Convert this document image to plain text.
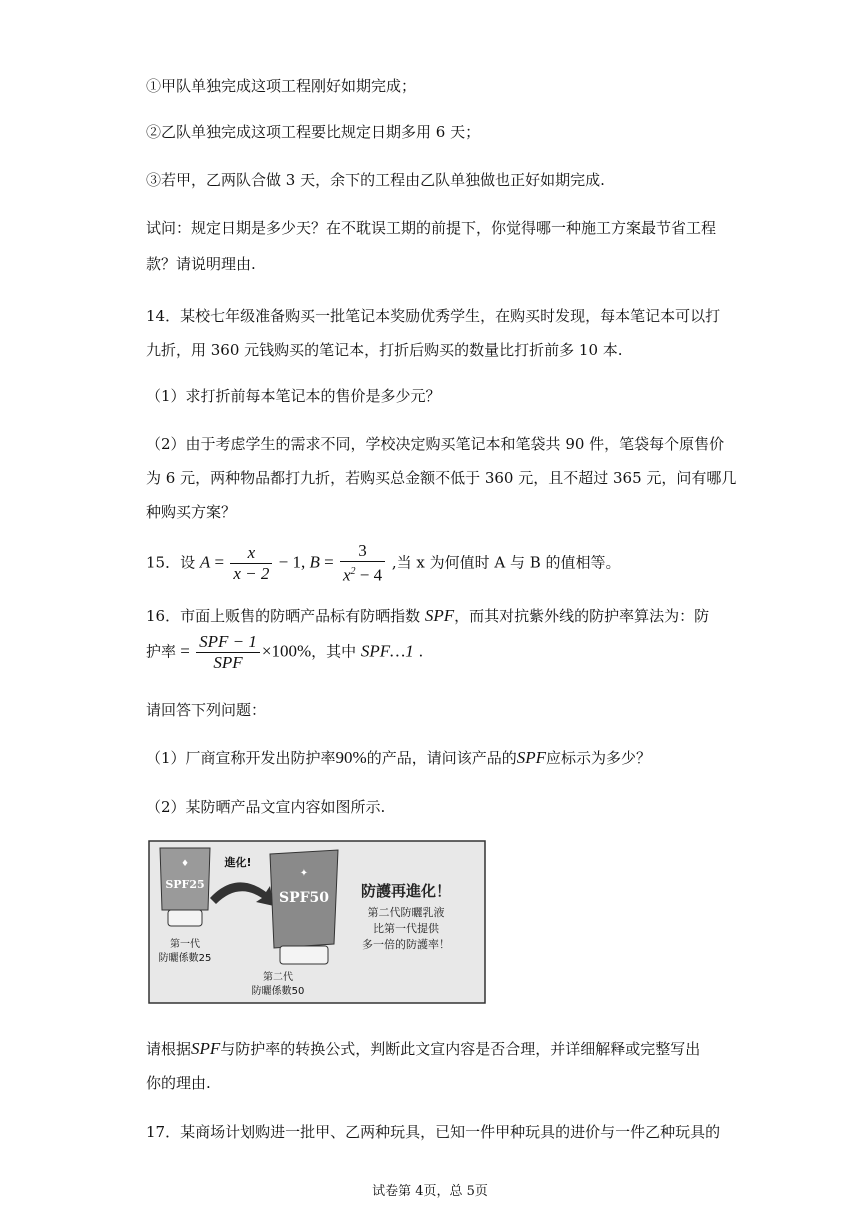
①甲队单独完成这项工程刚好如期完成；
②乙队单独完成这项工程要比规定日期多用 6 天；
③若甲，乙两队合做 3 天，余下的工程由乙队单独做也正好如期完成.
试问：规定日期是多少天？在不耽误工期的前提下，你觉得哪一种施工方案最节省工程
款？请说明理由.
14．某校七年级准备购买一批笔记本奖励优秀学生，在购买时发现，每本笔记本可以打
九折，用 360 元钱购买的笔记本，打折后购买的数量比打折前多 10 本.
（1）求打折前每本笔记本的售价是多少元？
（2）由于考虑学生的需求不同，学校决定购买笔记本和笔袋共 90 件，笔袋每个原售价
为 6 元，两种物品都打九折，若购买总金额不低于 360 元，且不超过 365 元，问有哪几
种购买方案？
15．设 $A = \frac{x}{x - 2} - 1$, $B = \frac{3}{x^2 - 4}$ ,当 x 为何值时 A 与 B 的值相等。
16．市面上贩售的防晒产品标有防晒指数 SPF，而其对抗紫外线的防护率算法为：防
护率 = $\frac{\text{SPF − 1}}{\text{SPF}} \times 100\%$，其中 SPF…1 .
请回答下列问题：
（1）厂商宣称开发出防护率90%的产品，请问该产品的SPF应标示为多少？
（2）某防晒产品文宣内容如图所示.
♦
SPF25
進化!
✦
SPF50
第一代
防曬係數25
第二代
防曬係數50
防護再進化！
第二代防曬乳液
比第一代提供
多一倍的防護率！
请根据SPF与防护率的转换公式，判断此文宣内容是否合理，并详细解释或完整写出
你的理由.
17．某商场计划购进一批甲、乙两种玩具，已知一件甲种玩具的进价与一件乙种玩具的
试卷第 4页，总 5页
